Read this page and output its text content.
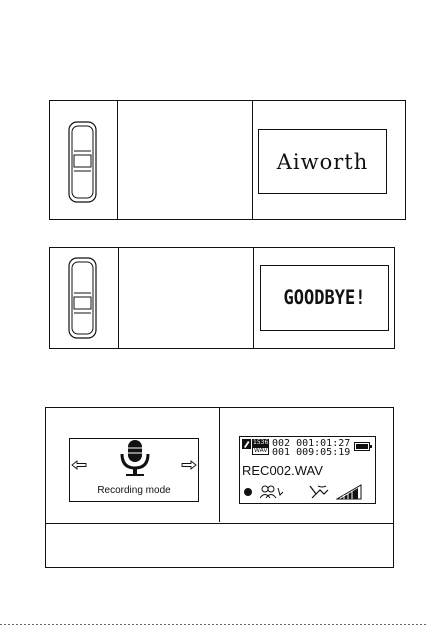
Aiworth
GOODBYE!
Recording mode
1536
WAV
002 001:01:27
001 009:05:19
REC002.WAV
